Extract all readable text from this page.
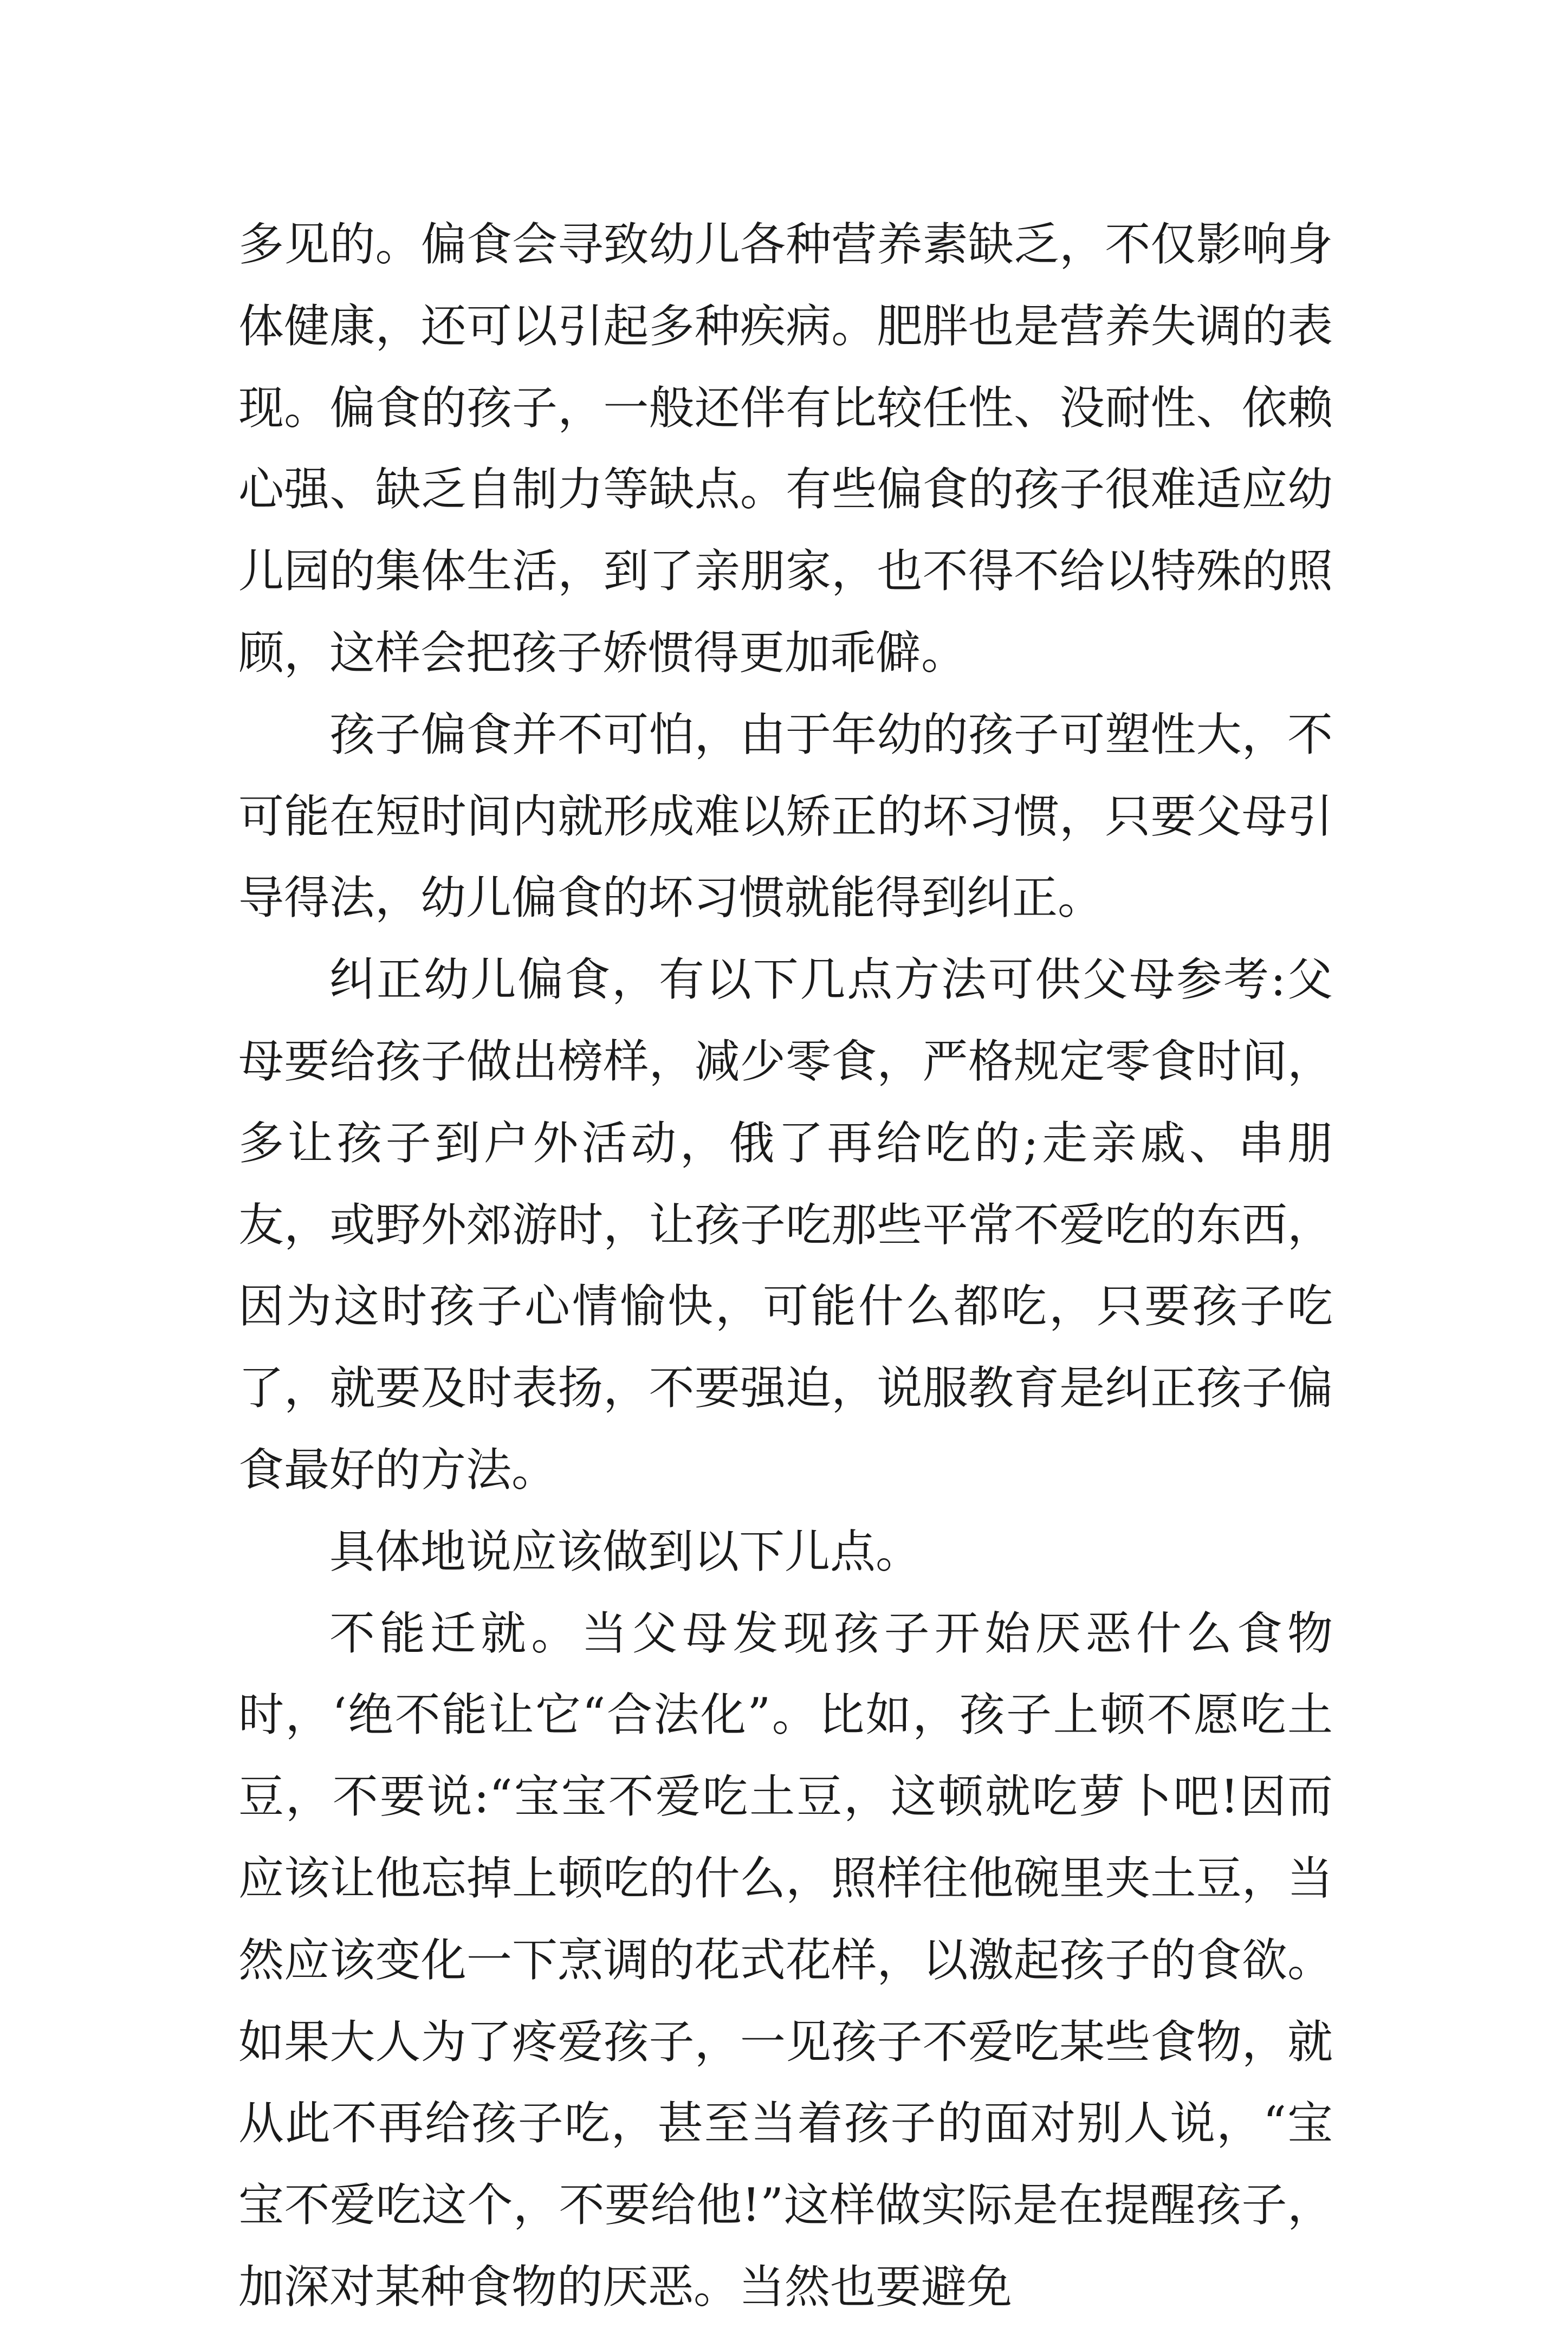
多见的。偏食会寻致幼儿各种营养素缺乏，不仅影响身体健康，还可以引起多种疾病。肥胖也是营养失调的表现。偏食的孩子，一般还伴有比较任性、没耐性、依赖心强、缺乏自制力等缺点。有些偏食的孩子很难适应幼儿园的集体生活，到了亲朋家，也不得不给以特殊的照顾，这样会把孩子娇惯得更加乖僻。

孩子偏食并不可怕，由于年幼的孩子可塑性大，不可能在短时间内就形成难以矫正的坏习惯，只要父母引导得法，幼儿偏食的坏习惯就能得到纠正。

纠正幼儿偏食，有以下几点方法可供父母参考:父母要给孩子做出榜样，减少零食，严格规定零食时间，多让孩子到户外活动，俄了再给吃的;走亲戚、串朋友，或野外郊游时，让孩子吃那些平常不爱吃的东西，因为这时孩子心情愉快，可能什么都吃，只要孩子吃了，就要及时表扬，不要强迫，说服教育是纠正孩子偏食最好的方法。

具体地说应该做到以下儿点。

不能迁就。当父母发现孩子开始厌恶什么食物时，‘绝不能让它“合法化”。比如，孩子上顿不愿吃土豆，不要说:“宝宝不爱吃土豆，这顿就吃萝卜吧!因而应该让他忘掉上顿吃的什么，照样往他碗里夹土豆，当然应该变化一下烹调的花式花样，以激起孩子的食欲。如果大人为了疼爱孩子，一见孩子不爱吃某些食物，就从此不再给孩子吃，甚至当着孩子的面对别人说，“宝宝不爱吃这个，不要给他!”这样做实际是在提醒孩子，加深对某种食物的厌恶。当然也要避免
